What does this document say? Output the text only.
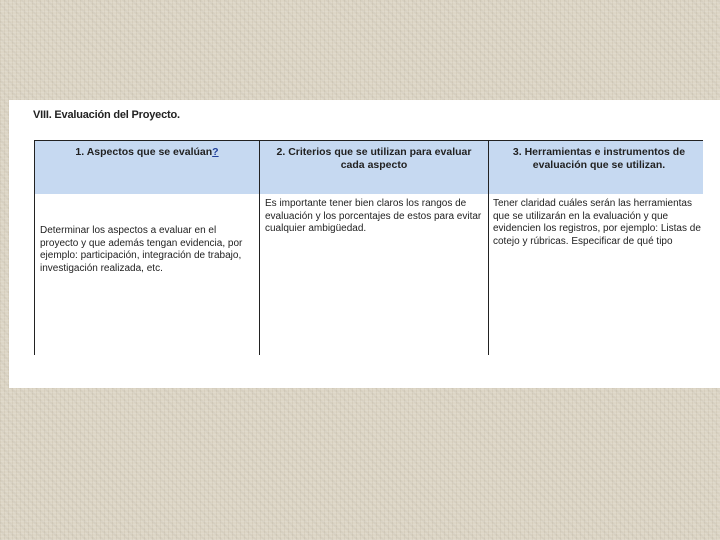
VIII. Evaluación del Proyecto.
1. Aspectos que se evalúan?	2. Criterios que se utilizan para evaluar cada aspecto
3. Herramientas e instrumentos de evaluación que se utilizan.
Determinar los aspectos a evaluar en el proyecto y que además tengan evidencia, por ejemplo: participación, integración de trabajo, investigación realizada, etc.
Es importante tener bien claros los rangos de evaluación y los porcentajes de estos para evitar cualquier ambigüedad.
Tener claridad cuáles serán las herramientas que se utilizarán en la evaluación y que evidencien los registros, por ejemplo: Listas de cotejo y rúbricas. Especificar de qué tipo
